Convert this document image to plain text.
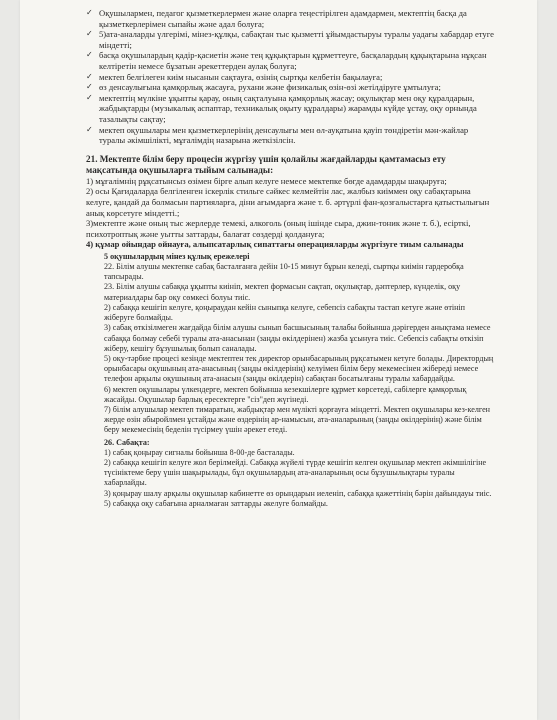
✓ Оқушылармен, педагог қызметкерлермен және оларға теңестірілген адамдармен, мектептің басқа да қызметкерлерімен сыпайы және адал болуға;
✓ 5)ата-аналарды үлгерімі, мінез-құлқы, сабақтан тыс қызметті ұйымдастыруы туралы уадағы хабардар етуге міндетті;
✓ басқа оқушылардың қадір-қасиетін және тең құқықтарын құрметтеуге, басқалардың құқықтарына нұқсан келтіретін немесе бұзатын әрекеттерден аулақ болуға;
✓ мектеп белгілеген киім нысанын сақтауға, өзінің сыртқы келбетін бақылауға;
✓ өз денсаулығына қамқорлық жасауға, рухани және физикалық өзін-өзі жетілдіруге ұмтылуға;
✓ мектептің мүлкіне ұқыпты қарау, оның сақталуына қамқорлық жасау; оқулықтар мен оқу құралдарын, жабдықтарды (музыкалық аспаптар, техникалық оқыту құралдары) жарамды күйде ұстау, оқу орнында тазалықты сақтау;
✓ мектеп оқушылары мен қызметкерлерінің денсаулығы мен өл-ауқатына қауіп төндіретін мән-жайлар туралы әкімшілікті, мұғалімдің назарына жеткізілсін.

21. Мектепте білім беру процесін жүргізу үшін қолайлы жағдайларды қамтамасыз ету мақсатында оқушыларға тыйым салынады:

1) мұғалімнің рұқсатынсыз өзімен бірге алып келуге немесе мектепке бөгде адамдарды шақыруға;

2) осы Қағидаларда белгіленген іскерлік стильге сәйкес келмейтін лас, жалбыз киіммен оқу сабақтарына келуге, қандай да болмасын партияларға, діни ағымдарға және т. б. әртүрлі фан-қозғалыстарға қатыстылығын анық көрсетуге міндетті.;

3)мектепте және оның тыс жерлерде темекі, алкоголь (оның ішінде сыра, джин-тоник және т. б.), есірткі, психотроптық және уытты заттарды, балағат сөздерді қолдануға;

4) құмар ойындар ойнауға, алыпсатарлық сипаттағы операцияларды жүргізуге тиым салынады

5 оқушылардың мінез құлық ережелері

22. Білім алушы мектепке сабақ басталғанға дейін 10-15 минут бұрын келеді, сыртқы киімін гардеробқа тапсырады.

23. Білім алушы сабаққа ұқыпты киініп, мектеп формасын сақтап, оқулықтар, дәптерлер, күнделік, оқу материалдары бар оқу сөмкесі болуы тиіс.

2) сабаққа кешігіп келуге, қоңыраудан кейін сыныпқа келуге, себепсіз сабақты тастап кетуге және өтініп жіберуге болмайды.

3) сабақ өткізілмеген жағдайда білім алушы сынып басшысының талабы бойынша дәрігерден анықтама немесе сабаққа болмау себебі туралы ата-анасынан (заңды өкілдерінен) жазба ұсынуға тиіс. Себепсіз сабақты өткізіп жіберу, кешігу бұзушылық болып саналады.

5) оқу-тәрбие процесі кезінде мектептен тек директор орынбасарының рұқсатымен кетуге болады. Директордың орынбасары оқушының ата-анасының (заңды өкілдерінің) келуімен білім беру мекемесінен жібереді немесе телефон арқылы оқушының ата-анасын (заңды өкілдерін) сабақтан босатылғаны туралы хабардайды.

6) мектеп оқушылары үлкендерге, мектеп бойынша кезекшілерге құрмет көрсетеді, сабілерге қамқорлық жасайды. Оқушылар барлық ересектерге "сіз"деп жүгінеді.

7) білім алушылар мектеп тимаратын, жабдықтар мен мүлікті қорғауға міндетті. Мектеп оқушылары кез-келген жерде өзін абыройлмен ұстайды және өздерінің ар-намысын, ата-аналарының (заңды өкілдерінің) және білім беру мекемесінің беделін түсірмеу үшін әрекет етеді.

26. Сабақта:

1) сабақ қоңырау сигналы бойынша 8-00-де басталады.

2) сабаққа кешігіп келуге жол берілмейді. Сабаққа жүйелі түрде кешігіп келген оқушылар мектеп әкімшілігіне түсініктеме беру үшін шақырылады, бұл оқушылардың ата-аналарының осы бұзушылықтары туралы хабарлайды.

3) қоңырау шалу арқылы оқушылар кабинетте өз орындарын иеленіп, сабаққа қажеттінің бәрін дайындауы тиіс.

5) сабаққа оқу сабағына арналмаған заттарды әкелуге болмайды.
